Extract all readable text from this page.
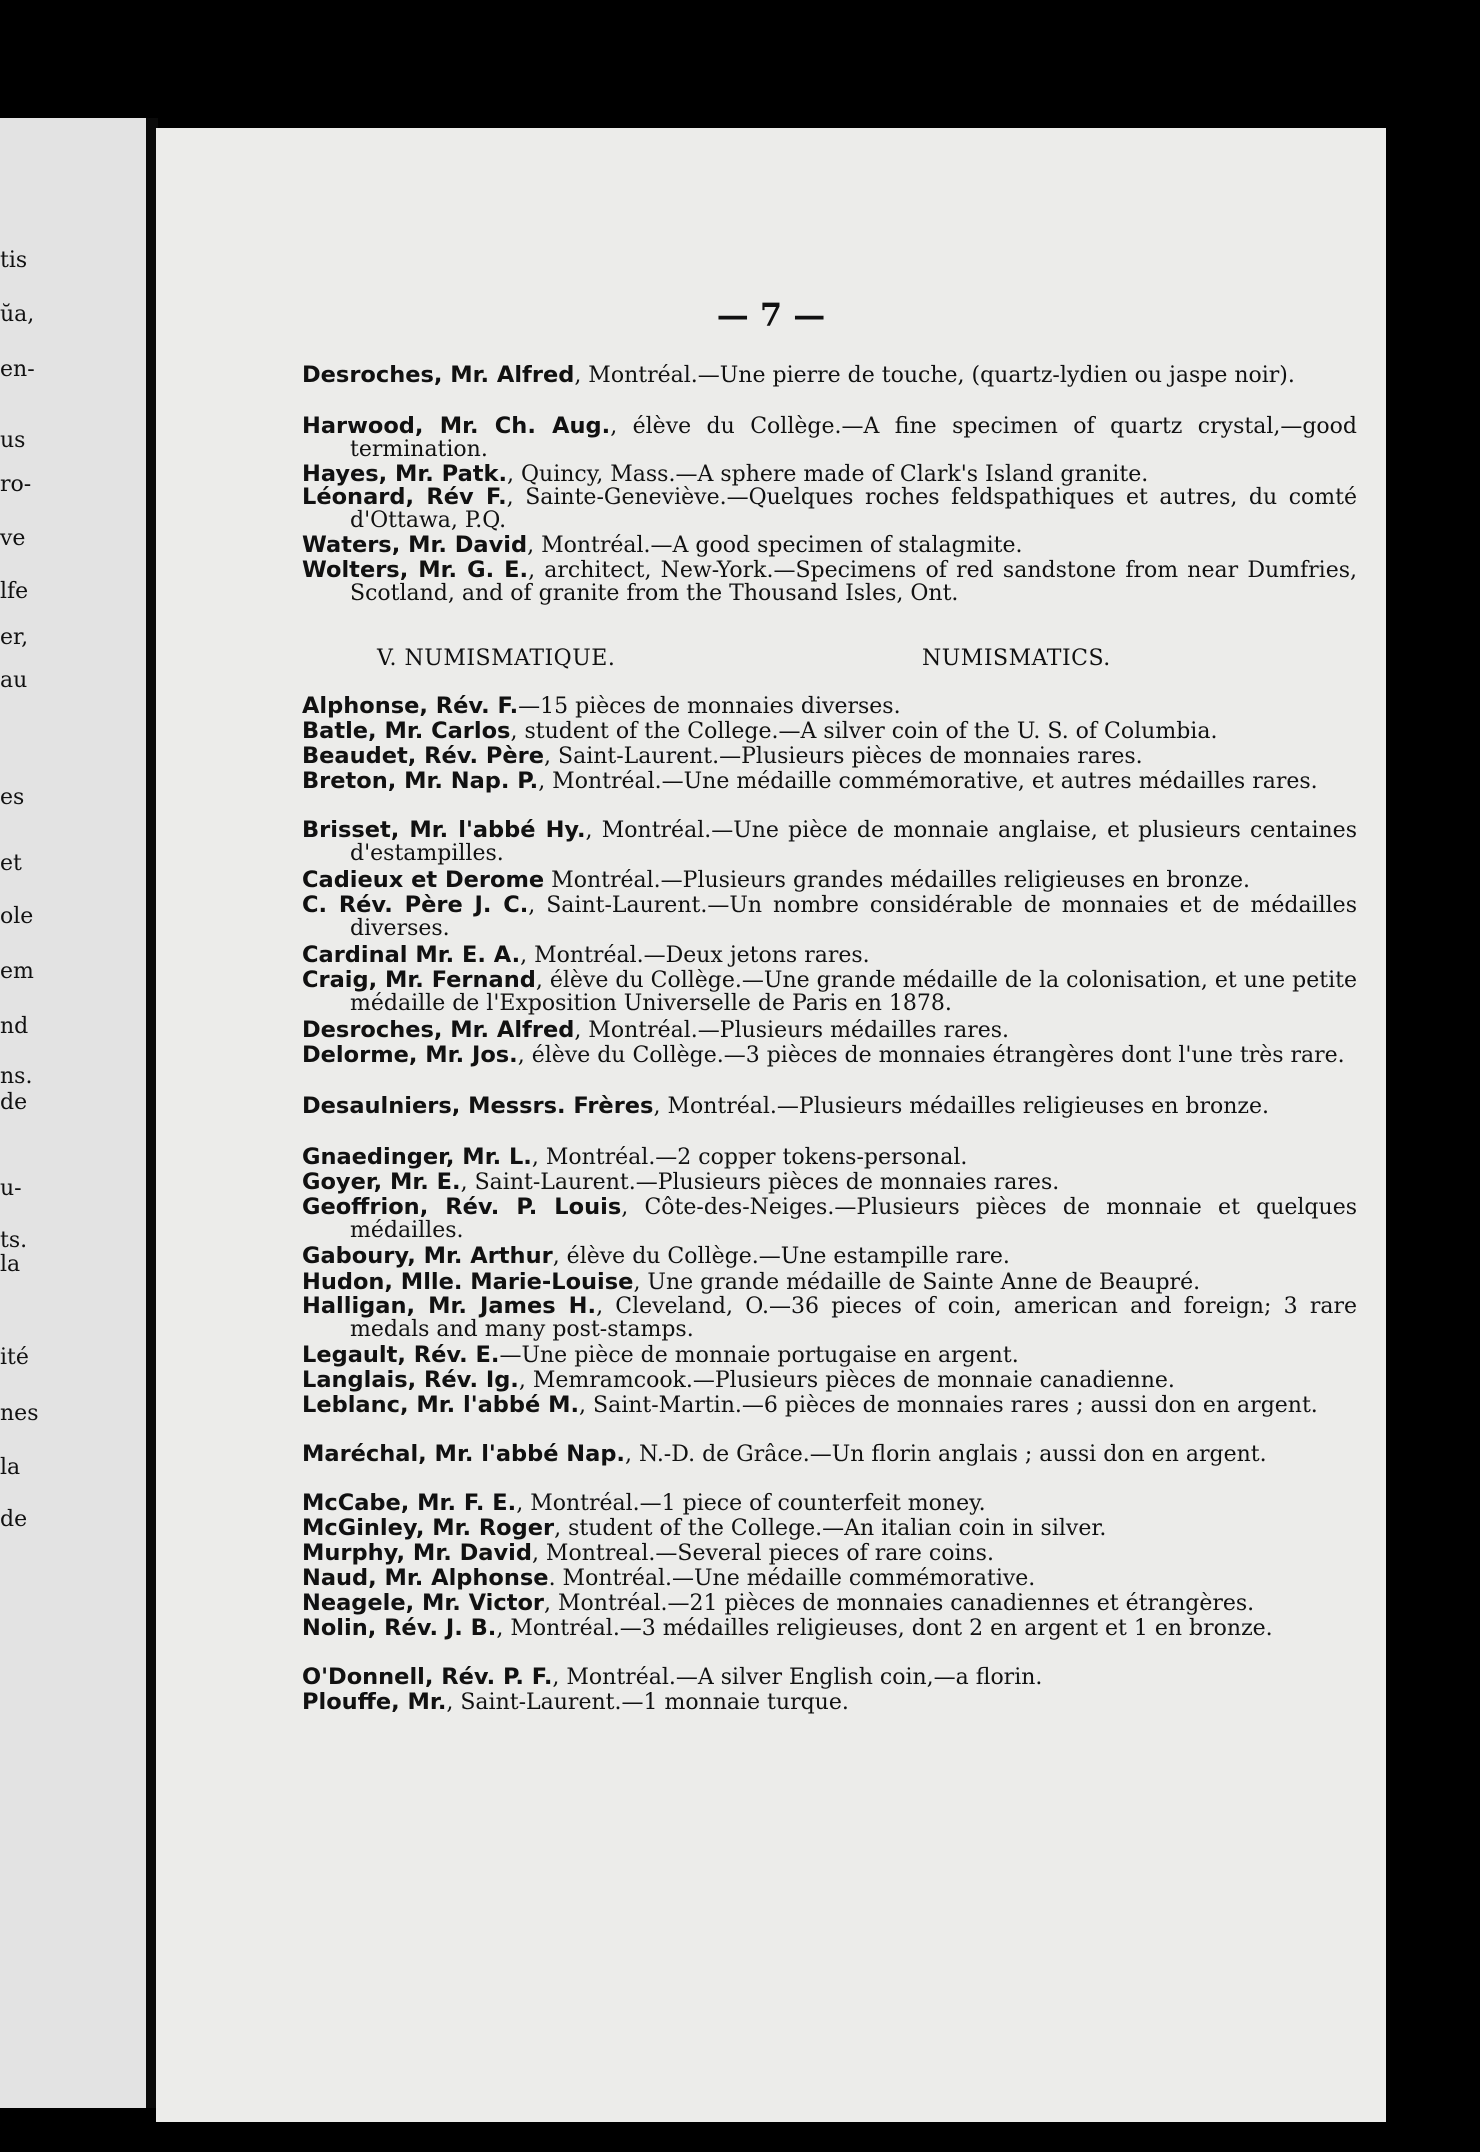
tis
ŭa,
en-
us
ro-
ve
lfe
er,
au
es
et
ole
em
nd
ns.
de
u-
ts.
la
ité
nes
la
de
— 7 —
Desroches, Mr. Alfred, Montréal.—Une pierre de touche, (quartz-lydien ou jaspe noir).
Harwood, Mr. Ch. Aug., élève du Collège.—A fine specimen of quartz crystal,—good termination.
Hayes, Mr. Patk., Quincy, Mass.—A sphere made of Clark's Island granite.
Léonard, Rév F., Sainte-Geneviève.—Quelques roches feldspathiques et autres, du comté d'Ottawa, P.Q.
Waters, Mr. David, Montréal.—A good specimen of stalagmite.
Wolters, Mr. G. E., architect, New-York.—Specimens of red sandstone from near Dumfries, Scotland, and of granite from the Thousand Isles, Ont.
Alphonse, Rév. F.—15 pièces de monnaies diverses.
Batle, Mr. Carlos, student of the College.—A silver coin of the U. S. of Columbia.
Beaudet, Rév. Père, Saint-Laurent.—Plusieurs pièces de monnaies rares.
Breton, Mr. Nap. P., Montréal.—Une médaille commémorative, et autres médailles rares.
Brisset, Mr. l'abbé Hy., Montréal.—Une pièce de monnaie anglaise, et plusieurs centaines d'estampilles.
Cadieux et Derome Montréal.—Plusieurs grandes médailles religieuses en bronze.
C. Rév. Père J. C., Saint-Laurent.—Un nombre considérable de monnaies et de médailles diverses.
Cardinal Mr. E. A., Montréal.—Deux jetons rares.
Craig, Mr. Fernand, élève du Collège.—Une grande médaille de la colonisation, et une petite médaille de l'Exposition Universelle de Paris en 1878.
Desroches, Mr. Alfred, Montréal.—Plusieurs médailles rares.
Delorme, Mr. Jos., élève du Collège.—3 pièces de monnaies étrangères dont l'une très rare.
Desaulniers, Messrs. Frères, Montréal.—Plusieurs médailles religieuses en bronze.
Gnaedinger, Mr. L., Montréal.—2 copper tokens-personal.
Goyer, Mr. E., Saint-Laurent.—Plusieurs pièces de monnaies rares.
Geoffrion, Rév. P. Louis, Côte-des-Neiges.—Plusieurs pièces de monnaie et quelques médailles.
Gaboury, Mr. Arthur, élève du Collège.—Une estampille rare.
Hudon, Mlle. Marie-Louise, Une grande médaille de Sainte Anne de Beaupré.
Halligan, Mr. James H., Cleveland, O.—36 pieces of coin, american and foreign; 3 rare medals and many post-stamps.
Legault, Rév. E.—Une pièce de monnaie portugaise en argent.
Langlais, Rév. Ig., Memramcook.—Plusieurs pièces de monnaie canadienne.
Leblanc, Mr. l'abbé M., Saint-Martin.—6 pièces de monnaies rares ; aussi don en argent.
Maréchal, Mr. l'abbé Nap., N.-D. de Grâce.—Un florin anglais ; aussi don en argent.
McCabe, Mr. F. E., Montréal.—1 piece of counterfeit money.
McGinley, Mr. Roger, student of the College.—An italian coin in silver.
Murphy, Mr. David, Montreal.—Several pieces of rare coins.
Naud, Mr. Alphonse. Montréal.—Une médaille commémorative.
Neagele, Mr. Victor, Montréal.—21 pièces de monnaies canadiennes et étrangères.
Nolin, Rév. J. B., Montréal.—3 médailles religieuses, dont 2 en argent et 1 en bronze.
O'Donnell, Rév. P. F., Montréal.—A silver English coin,—a florin.
Plouffe, Mr., Saint-Laurent.—1 monnaie turque.
V. NUMISMATIQUE.	NUMISMATICS.
